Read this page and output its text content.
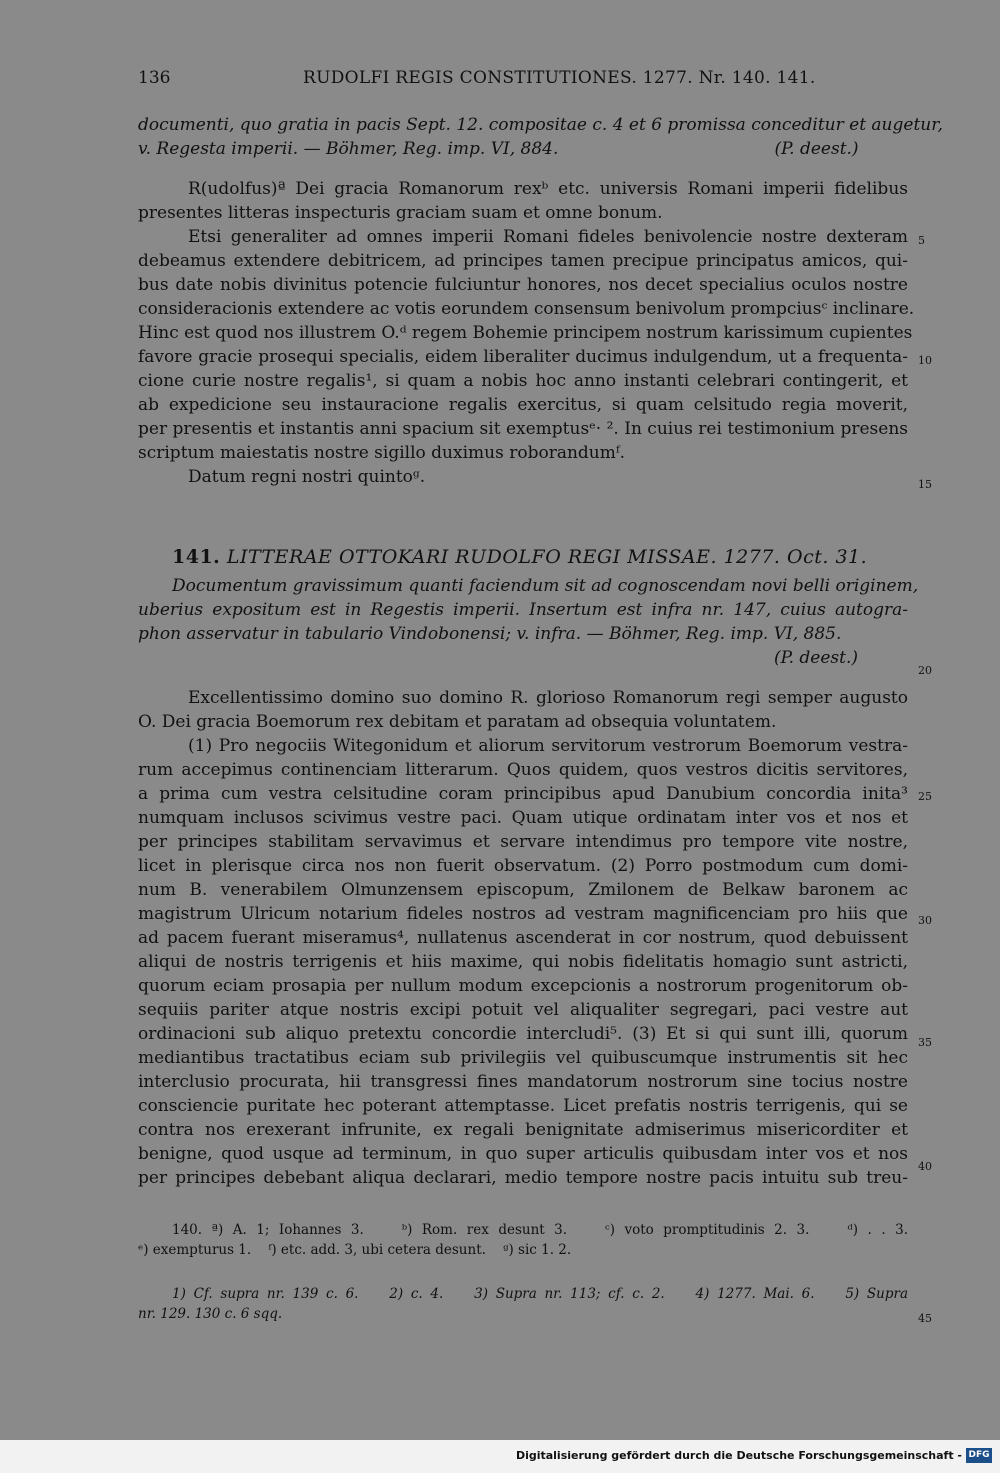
136	RUDOLFI REGIS CONSTITUTIONES. 1277. Nr. 140. 141.
documenti, quo gratia in pacis Sept. 12. compositae c. 4 et 6 promissa conceditur et augetur,
v. Regesta imperii. — Böhmer, Reg. imp. VI, 884.                                        (P. deest.)
R(udolfus)ª Dei gracia Romanorum rexᵇ etc. universis Romani imperii fidelibus
presentes litteras inspecturis graciam suam et omne bonum.
Etsi generaliter ad omnes imperii Romani fideles benivolencie nostre dexteram
debeamus extendere debitricem, ad principes tamen precipue principatus amicos, qui-
bus date nobis divinitus potencie fulciuntur honores, nos decet specialius oculos nostre
consideracionis extendere ac votis eorundem consensum benivolum prompciusᶜ inclinare.
Hinc est quod nos illustrem O.ᵈ regem Bohemie principem nostrum karissimum cupientes
favore gracie prosequi specialis, eidem liberaliter ducimus indulgendum, ut a frequenta-
cione curie nostre regalis¹, si quam a nobis hoc anno instanti celebrari contingerit, et
ab expedicione seu instauracione regalis exercitus, si quam celsitudo regia moverit,
per presentis et instantis anni spacium sit exemptusᵉ· ². In cuius rei testimonium presens
scriptum maiestatis nostre sigillo duximus roborandumᶠ.
Datum regni nostri quintoᵍ.
141. LITTERAE OTTOKARI RUDOLFO REGI MISSAE. 1277. Oct. 31.
Documentum gravissimum quanti faciendum sit ad cognoscendam novi belli originem,
uberius expositum est in Regestis imperii. Insertum est infra nr. 147, cuius autogra-
phon asservatur in tabulario Vindobonensi; v. infra. — Böhmer, Reg. imp. VI, 885.
(P. deest.)
Excellentissimo domino suo domino R. glorioso Romanorum regi semper augusto
O. Dei gracia Boemorum rex debitam et paratam ad obsequia voluntatem.
(1) Pro negociis Witegonidum et aliorum servitorum vestrorum Boemorum vestra-
rum accepimus continenciam litterarum. Quos quidem, quos vestros dicitis servitores,
a prima cum vestra celsitudine coram principibus apud Danubium concordia inita³
numquam inclusos scivimus vestre paci. Quam utique ordinatam inter vos et nos et
per principes stabilitam servavimus et servare intendimus pro tempore vite nostre,
licet in plerisque circa nos non fuerit observatum. (2) Porro postmodum cum domi-
num B. venerabilem Olmunzensem episcopum, Zmilonem de Belkaw baronem ac
magistrum Ulricum notarium fideles nostros ad vestram magnificenciam pro hiis que
ad pacem fuerant miseramus⁴, nullatenus ascenderat in cor nostrum, quod debuissent
aliqui de nostris terrigenis et hiis maxime, qui nobis fidelitatis homagio sunt astricti,
quorum eciam prosapia per nullum modum excepcionis a nostrorum progenitorum ob-
sequiis pariter atque nostris excipi potuit vel aliqualiter segregari, paci vestre aut
ordinacioni sub aliquo pretextu concordie intercludi⁵. (3) Et si qui sunt illi, quorum
mediantibus tractatibus eciam sub privilegiis vel quibuscumque instrumentis sit hec
interclusio procurata, hii transgressi fines mandatorum nostrorum sine tocius nostre
consciencie puritate hec poterant attemptasse. Licet prefatis nostris terrigenis, qui se
contra nos erexerant infrunite, ex regali benignitate admiserimus misericorditer et
benigne, quod usque ad terminum, in quo super articulis quibusdam inter vos et nos
per principes debebant aliqua declarari, medio tempore nostre pacis intuitu sub treu-
140. ª) A. 1; Iohannes 3.    ᵇ) Rom. rex desunt 3.    ᶜ) voto promptitudinis 2. 3.    ᵈ) . . 3.
ᵉ) exempturus 1.    ᶠ) etc. add. 3, ubi cetera desunt.    ᵍ) sic 1. 2.
1) Cf. supra nr. 139 c. 6.    2) c. 4.    3) Supra nr. 113; cf. c. 2.    4) 1277. Mai. 6.    5) Supra
nr. 129. 130 c. 6 sqq.
5
10
15
20
25
30
35
40
45
Digitalisierung gefördert durch die Deutsche Forschungsgemeinschaft - DFG
